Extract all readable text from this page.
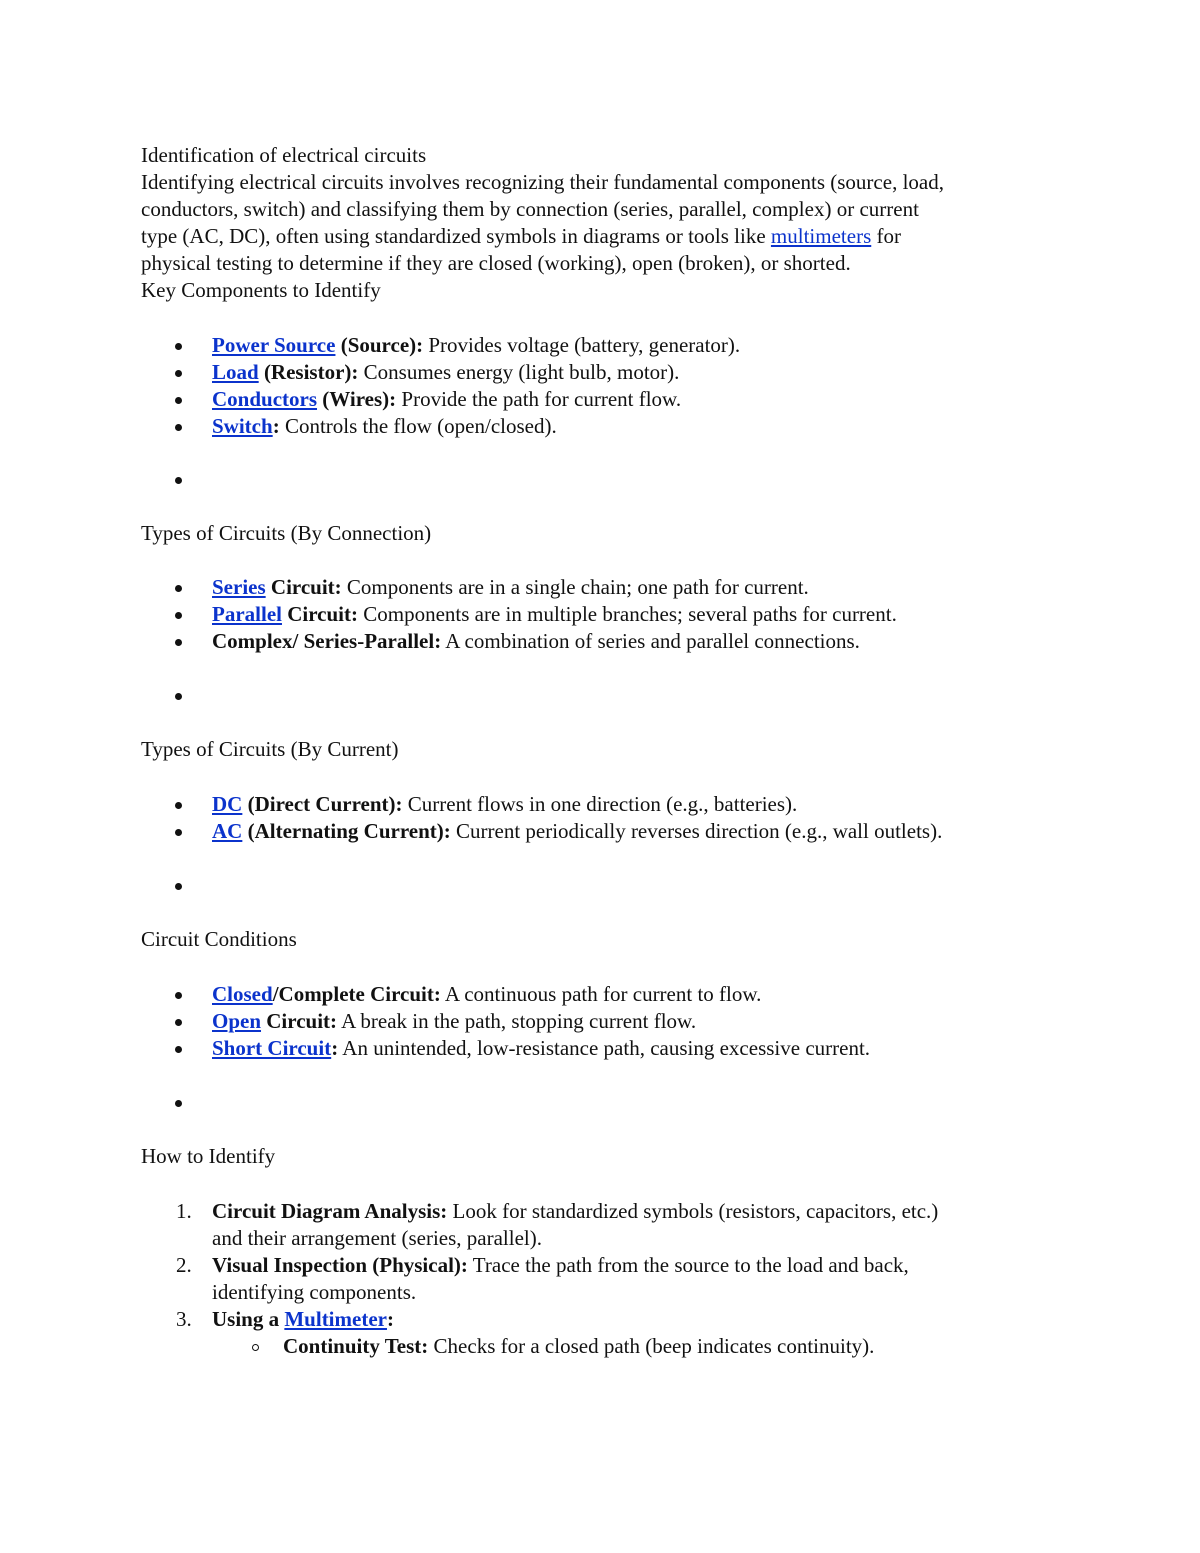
Identification of electrical circuits
Identifying electrical circuits involves recognizing their fundamental components (source, load,
conductors, switch) and classifying them by connection (series, parallel, complex) or current
type (AC, DC), often using standardized symbols in diagrams or tools like multimeters for
physical testing to determine if they are closed (working), open (broken), or shorted.
Key Components to Identify
Power Source (Source): Provides voltage (battery, generator).
Load (Resistor): Consumes energy (light bulb, motor).
Conductors (Wires): Provide the path for current flow.
Switch: Controls the flow (open/closed).

Types of Circuits (By Connection)
Series Circuit: Components are in a single chain; one path for current.
Parallel Circuit: Components are in multiple branches; several paths for current.
Complex/ Series-Parallel: A combination of series and parallel connections.

Types of Circuits (By Current)
DC (Direct Current): Current flows in one direction (e.g., batteries).
AC (Alternating Current): Current periodically reverses direction (e.g., wall outlets).

Circuit Conditions
Closed/Complete Circuit: A continuous path for current to flow.
Open Circuit: A break in the path, stopping current flow.
Short Circuit: An unintended, low-resistance path, causing excessive current.

How to Identify
1. Circuit Diagram Analysis: Look for standardized symbols (resistors, capacitors, etc.)
and their arrangement (series, parallel).
2. Visual Inspection (Physical): Trace the path from the source to the load and back,
identifying components.
3. Using a Multimeter:
Continuity Test: Checks for a closed path (beep indicates continuity).
